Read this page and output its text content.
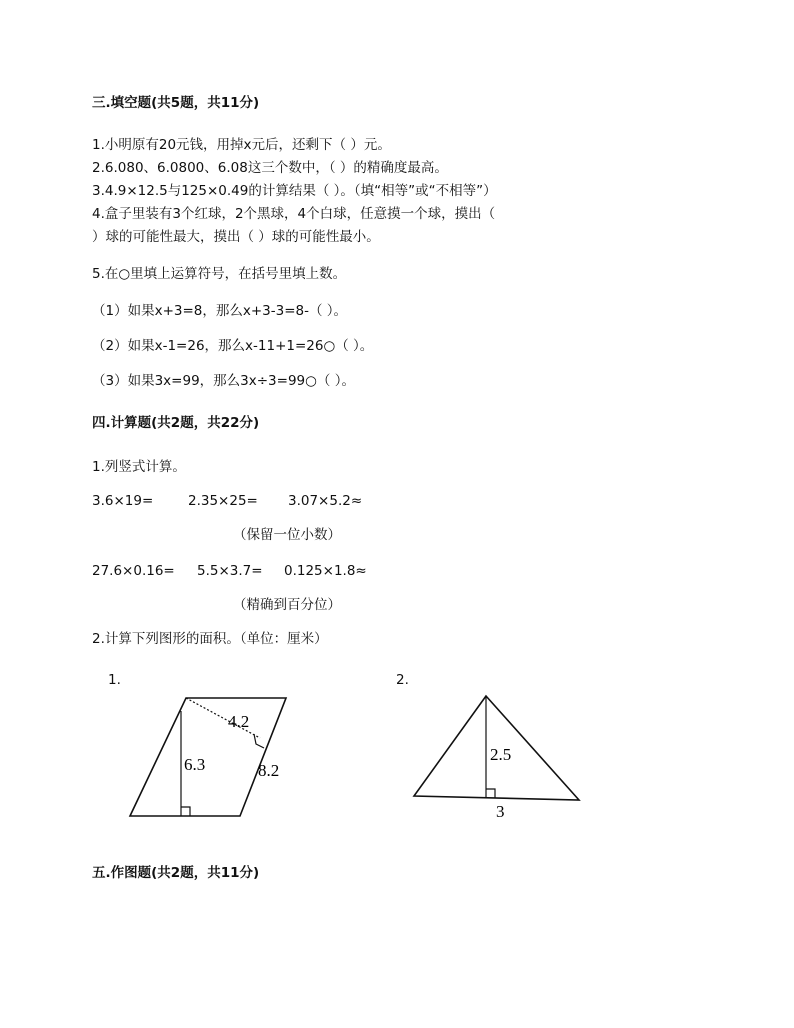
三.填空题(共5题，共11分)
1.小明原有20元钱，用掉x元后，还剩下（ ）元。
2.6.080、6.0800、6.08这三个数中，（ ）的精确度最高。
3.4.9×12.5与125×0.49的计算结果（ ）。（填“相等”或“不相等”）
4.盒子里装有3个红球，2个黑球，4个白球，任意摸一个球，摸出（
）球的可能性最大，摸出（ ）球的可能性最小。
5.在○里填上运算符号，在括号里填上数。
（1）如果x+3=8，那么x+3-3=8-（ ）。
（2）如果x-1=26，那么x-11+1=26○（ ）。
（3）如果3x=99，那么3x÷3=99○（ ）。
四.计算题(共2题，共22分)
1.列竖式计算。
3.6×19=	2.35×25= 3.07×5.2≈
（保留一位小数）
27.6×0.16= 5.5×3.7= 0.125×1.8≈
（精确到百分位）
2.计算下列图形的面积。（单位：厘米）
1.
4.2
6.3	8.2
2.
2.5
3
五.作图题(共2题，共11分)
